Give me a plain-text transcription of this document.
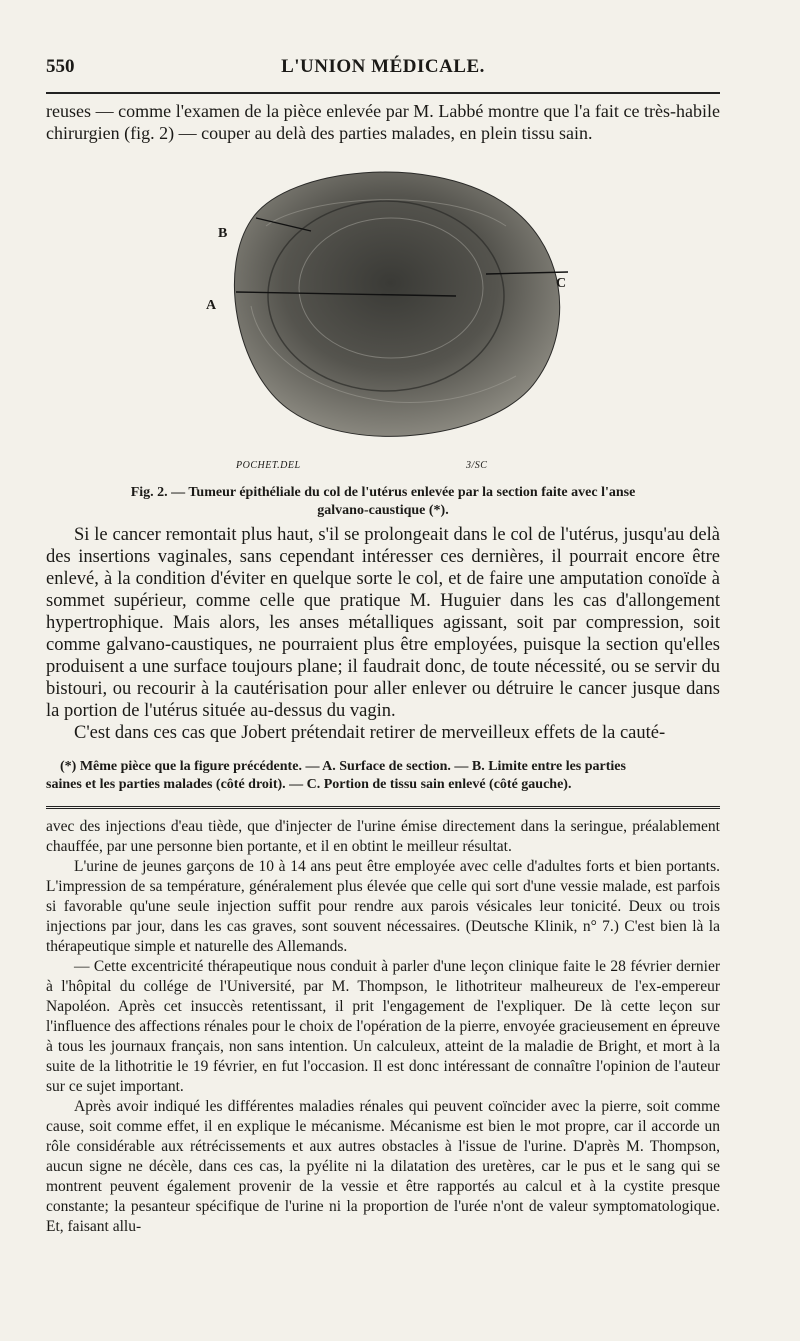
550	L'UNION MÉDICALE.

reuses — comme l'examen de la pièce enlevée par M. Labbé montre que l'a fait ce très-habile chirurgien (fig. 2) — couper au delà des parties malades, en plein tissu sain.

B
A
C
POCHET.DEL	3/SC

Fig. 2. — Tumeur épithéliale du col de l'utérus enlevée par la section faite avec l'anse
galvano-caustique (*).

Si le cancer remontait plus haut, s'il se prolongeait dans le col de l'utérus, jusqu'au delà des insertions vaginales, sans cependant intéresser ces dernières, il pourrait encore être enlevé, à la condition d'éviter en quelque sorte le col, et de faire une amputation conoïde à sommet supérieur, comme celle que pratique M. Huguier dans les cas d'allongement hypertrophique. Mais alors, les anses métalliques agissant, soit par compression, soit comme galvano-caustiques, ne pourraient plus être employées, puisque la section qu'elles produisent a une surface toujours plane; il faudrait donc, de toute nécessité, ou se servir du bistouri, ou recourir à la cautérisation pour aller enlever ou détruire le cancer jusque dans la portion de l'utérus située au-dessus du vagin.

C'est dans ces cas que Jobert prétendait retirer de merveilleux effets de la cauté-

(*) Même pièce que la figure précédente. — A. Surface de section. — B. Limite entre les parties
saines et les parties malades (côté droit). — C. Portion de tissu sain enlevé (côté gauche).

avec des injections d'eau tiède, que d'injecter de l'urine émise directement dans la seringue, préalablement chauffée, par une personne bien portante, et il en obtint le meilleur résultat.

L'urine de jeunes garçons de 10 à 14 ans peut être employée avec celle d'adultes forts et bien portants. L'impression de sa température, généralement plus élevée que celle qui sort d'une vessie malade, est parfois si favorable qu'une seule injection suffit pour rendre aux parois vésicales leur tonicité. Deux ou trois injections par jour, dans les cas graves, sont souvent nécessaires. (Deutsche Klinik, n° 7.) C'est bien là la thérapeutique simple et naturelle des Allemands.

— Cette excentricité thérapeutique nous conduit à parler d'une leçon clinique faite le 28 février dernier à l'hôpital du collége de l'Université, par M. Thompson, le lithotriteur malheureux de l'ex-empereur Napoléon. Après cet insuccès retentissant, il prit l'engagement de l'expliquer. De là cette leçon sur l'influence des affections rénales pour le choix de l'opération de la pierre, envoyée gracieusement en épreuve à tous les journaux français, non sans intention. Un calculeux, atteint de la maladie de Bright, et mort à la suite de la lithotritie le 19 février, en fut l'occasion. Il est donc intéressant de connaître l'opinion de l'auteur sur ce sujet important.

Après avoir indiqué les différentes maladies rénales qui peuvent coïncider avec la pierre, soit comme cause, soit comme effet, il en explique le mécanisme. Mécanisme est bien le mot propre, car il accorde un rôle considérable aux rétrécissements et aux autres obstacles à l'issue de l'urine. D'après M. Thompson, aucun signe ne décèle, dans ces cas, la pyélite ni la dilatation des uretères, car le pus et le sang qui se montrent peuvent également provenir de la vessie et être rapportés au calcul et à la cystite presque constante; la pesanteur spécifique de l'urine ni la proportion de l'urée n'ont de valeur symptomatologique. Et, faisant allu-
